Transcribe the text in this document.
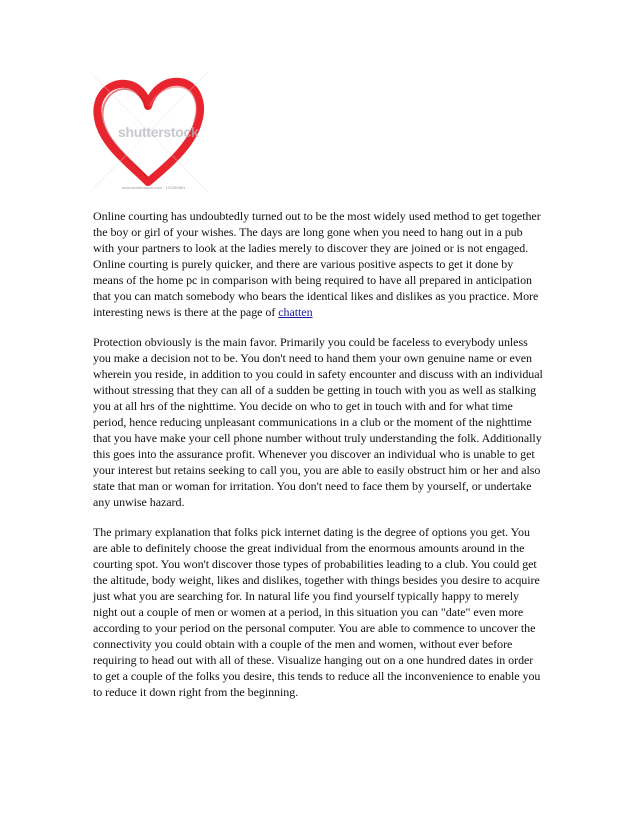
shutterstock
www.shutterstock.com · 121289851

Online courting has undoubtedly turned out to be the most widely used method to get together the boy or girl of your wishes. The days are long gone when you need to hang out in a pub with your partners to look at the ladies merely to discover they are joined or is not engaged. Online courting is purely quicker, and there are various positive aspects to get it done by means of the home pc in comparison with being required to have all prepared in anticipation that you can match somebody who bears the identical likes and dislikes as you practice. More interesting news is there at the page of chatten

Protection obviously is the main favor. Primarily you could be faceless to everybody unless you make a decision not to be. You don't need to hand them your own genuine name or even wherein you reside, in addition to you could in safety encounter and discuss with an individual without stressing that they can all of a sudden be getting in touch with you as well as stalking you at all hrs of the nighttime. You decide on who to get in touch with and for what time period, hence reducing unpleasant communications in a club or the moment of the nighttime that you have make your cell phone number without truly understanding the folk. Additionally this goes into the assurance profit. Whenever you discover an individual who is unable to get your interest but retains seeking to call you, you are able to easily obstruct him or her and also state that man or woman for irritation. You don't need to face them by yourself, or undertake any unwise hazard.

The primary explanation that folks pick internet dating is the degree of options you get. You are able to definitely choose the great individual from the enormous amounts around in the courting spot. You won't discover those types of probabilities leading to a club. You could get the altitude, body weight, likes and dislikes, together with things besides you desire to acquire just what you are searching for. In natural life you find yourself typically happy to merely night out a couple of men or women at a period, in this situation you can "date" even more according to your period on the personal computer. You are able to commence to uncover the connectivity you could obtain with a couple of the men and women, without ever before requiring to head out with all of these. Visualize hanging out on a one hundred dates in order to get a couple of the folks you desire, this tends to reduce all the inconvenience to enable you to reduce it down right from the beginning.
